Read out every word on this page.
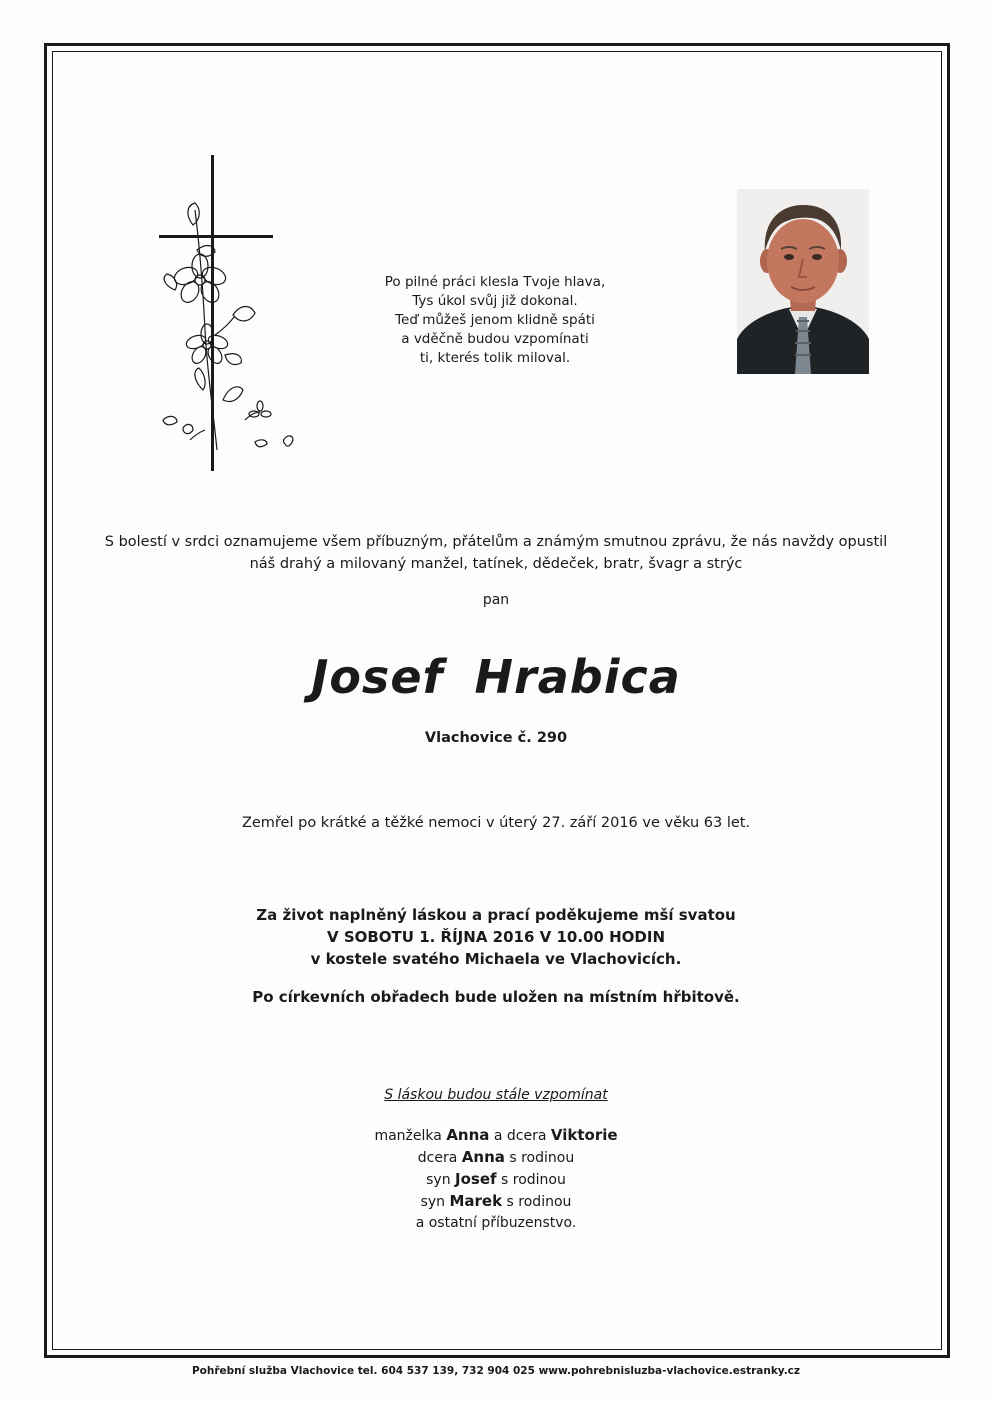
Po pilné práci klesla Tvoje hlava,
Tys úkol svůj již dokonal.
Teď můžeš jenom klidně spáti
a vděčně budou vzpomínati
ti, kterés tolik miloval.
S bolestí v srdci oznamujeme všem příbuzným, přátelům a známým smutnou zprávu, že nás navždy opustil
náš drahý a milovaný manžel, tatínek, dědeček, bratr, švagr a strýc
pan
Josef Hrabica
Vlachovice č. 290
Zemřel po krátké a těžké nemoci v úterý 27. září 2016 ve věku 63 let.
Za život naplněný láskou a prací poděkujeme mší svatou
V SOBOTU 1. ŘÍJNA 2016 V 10.00 HODIN
v kostele svatého Michaela ve Vlachovicích.
Po církevních obřadech bude uložen na místním hřbitově.
S láskou budou stále vzpomínat
manželka Anna a dcera Viktorie
dcera Anna s rodinou
syn Josef s rodinou
syn Marek s rodinou
a ostatní příbuzenstvo.
Pohřební služba Vlachovice tel. 604 537 139, 732 904 025 www.pohrebnisluzba-vlachovice.estranky.cz
